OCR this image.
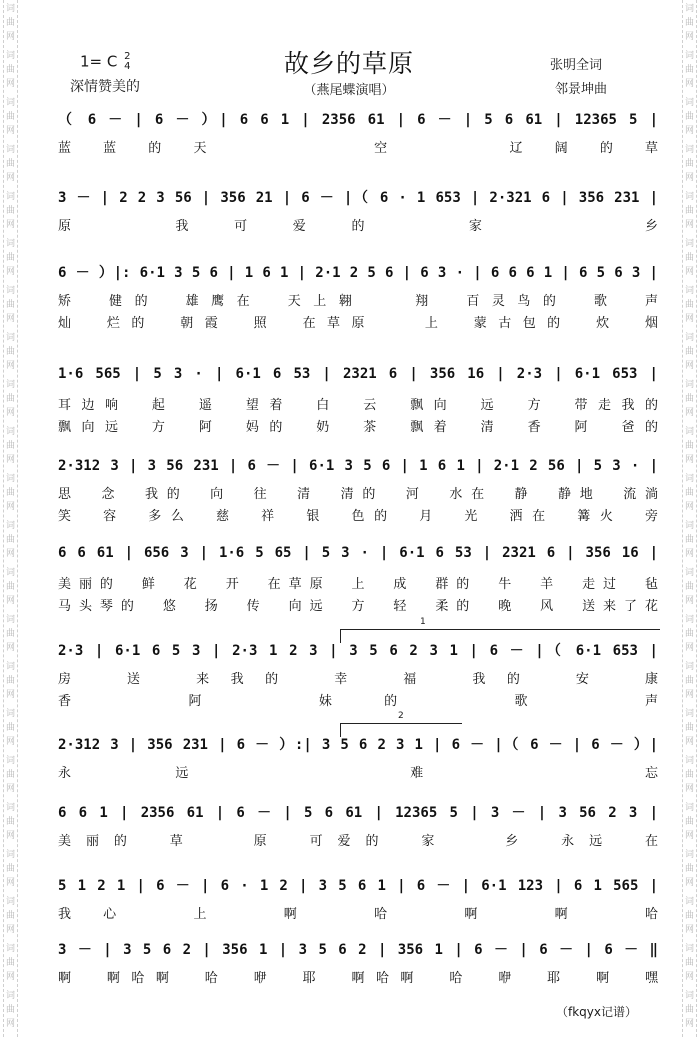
词
曲
网
词
曲
网
词
曲
网
词
曲
网
词
曲
网
词
曲
网
词
曲
网
词
曲
网
词
曲
网
词
曲
网
词
曲
网
词
曲
网
词
曲
网
词
曲
网
词
曲
网
词
曲
网
词
曲
网
词
曲
网
词
曲
网
词
曲
网
词
曲
网
词
曲
网
词
曲
网
词
曲
网
词
曲
网
词
曲
网
词
曲
网
词
曲
网
词
曲
网
词
曲
网
词
曲
网
词
曲
网
词
曲
网
词
曲
网
词
曲
网
词
曲
网
词
曲
网
词
曲
网
词
曲
网
词
曲
网
词
曲
网
词
曲
网
词
曲
网
词
曲
网
故乡的草原
1= C 2
4
深情赞美的	（燕尾蝶演唱）
张明全词
邻景坤曲
（ 6 － | 6 － ）| 6 6 1 | 2356 61 | 6 － | 5 6 61 | 12365 5 |
蓝蓝的天　　　空　　辽阔的草
3 － | 2 2 3 56 | 356 21 | 6 － |（ 6 · 1 653 | 2·321 6 | 356 231 |
原　我可爱的　家　　乡
6 － ）|: 6·1 3 5 6 | 1 6 1 | 2·1 2 5 6 | 6 3 · | 6 6 6 1 | 6 5 6 3 |
矫　健的　雄鹰在　天上翱　　翔　百灵鸟的　歌　声
灿　烂的　朝霞　照　在草原　　上　蒙古包的　炊　烟
1·6 565 | 5 3 · | 6·1 6 53 | 2321 6 | 356 16 | 2·3 | 6·1 653 |
耳边响　起　遥　望着　白　云　飘向　远　方　带走我的
飘向远　方　阿　妈的　奶　茶　飘着　清　香　阿　爸的
2·312 3 | 3 56 231 | 6 － | 6·1 3 5 6 | 1 6 1 | 2·1 2 56 | 5 3 · |
思　念　我的　向　往　清　清的　河　水在　静　静地　流淌
笑　容　多么　慈　祥　银　色的　月　光　洒在　篝火　旁
6 6 61 | 656 3 | 1·6 5 65 | 5 3 · | 6·1 6 53 | 2321 6 | 356 16 |
美丽的　鲜　花　开　在草原　上　成　群的　牛　羊　走过　毡
马头琴的　悠　扬　传　向远　方　轻　柔的　晚　风　送来了花
1
2·3 | 6·1 6 5 3 | 2·3 1 2 3 | 3 5 6 2 3 1 | 6 － |（ 6·1 653 |
房　送　来我的　幸　福　我的　安　康
香　阿　妹的　歌　声
2
2·312 3 | 356 231 | 6 － ）:| 3 5 6 2 3 1 | 6 － |（ 6 － | 6 － ）|
永远　难　忘
6 6 1 | 2356 61 | 6 － | 5 6 61 | 12365 5 | 3 － | 3 56 2 3 |
美丽的　草　　原　可爱的　家　　乡　永远　在
5 1 2 1 | 6 － | 6 · 1 2 | 3 5 6 1 | 6 － | 6·1 123 | 6 1 565 |
我心　上　啊　哈　啊　啊　哈
3 － | 3 5 6 2 | 356 1 | 3 5 6 2 | 356 1 | 6 － | 6 － | 6 － ‖
啊　啊哈啊　哈　咿　耶　啊哈啊　哈　咿　耶　啊　嘿
（fkqyx记谱）
